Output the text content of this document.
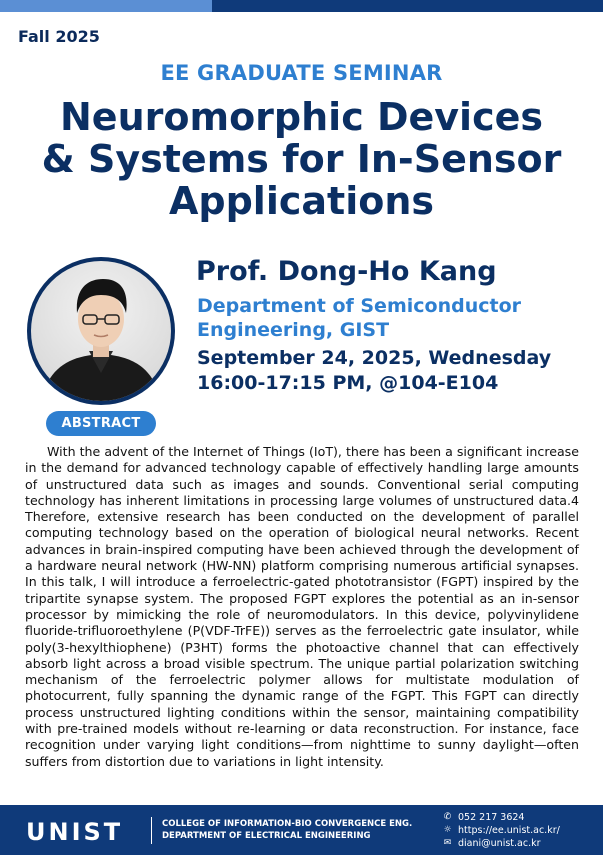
Fall 2025
EE GRADUATE SEMINAR
Neuromorphic Devices
& Systems for In-Sensor
Applications
Prof. Dong-Ho Kang
Department of Semiconductor
Engineering, GIST
September 24, 2025, Wednesday
16:00-17:15 PM, @104-E104
ABSTRACT

With the advent of the Internet of Things (IoT), there has been a significant increase in the demand for advanced technology capable of effectively handling large amounts of unstructured data such as images and sounds. Conventional serial computing technology has inherent limitations in processing large volumes of unstructured data.4 Therefore, extensive research has been conducted on the development of parallel computing technology based on the operation of biological neural networks. Recent advances in brain-inspired computing have been achieved through the development of a hardware neural network (HW-NN) platform comprising numerous artificial synapses. In this talk, I will introduce a ferroelectric-gated phototransistor (FGPT) inspired by the tripartite synapse system. The proposed FGPT explores the potential as an in-sensor processor by mimicking the role of neuromodulators. In this device, polyvinylidene fluoride-trifluoroethylene (P(VDF-TrFE)) serves as the ferroelectric gate insulator, while poly(3-hexylthiophene) (P3HT) forms the photoactive channel that can effectively absorb light across a broad visible spectrum. The unique partial polarization switching mechanism of the ferroelectric polymer allows for multistate modulation of photocurrent, fully spanning the dynamic range of the FGPT. This FGPT can directly process unstructured lighting conditions within the sensor, maintaining compatibility with pre-trained models without re-learning or data reconstruction. For instance, face recognition under varying light conditions—from nighttime to sunny daylight—often suffers from distortion due to variations in light intensity.

UNIST	COLLEGE OF INFORMATION-BIO CONVERGENCE ENG.
DEPARTMENT OF ELECTRICAL ENGINEERING
✆ 052 217 3624
☼ https://ee.unist.ac.kr/
✉ diani@unist.ac.kr
